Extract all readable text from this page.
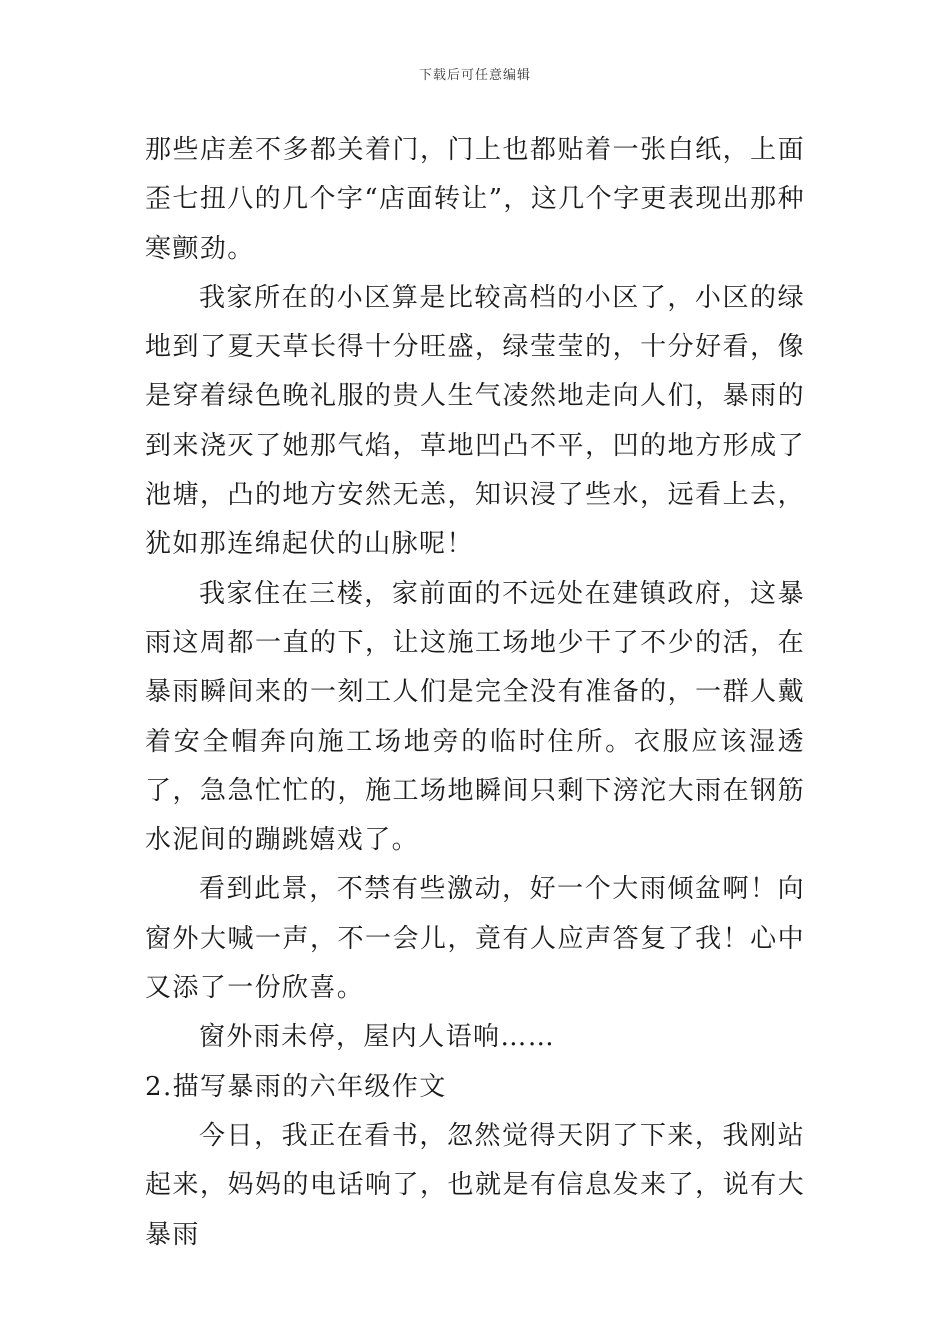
下载后可任意编辑

那些店差不多都关着门，门上也都贴着一张白纸，上面歪七扭八的几个字“店面转让”，这几个字更表现出那种寒颤劲。

我家所在的小区算是比较高档的小区了，小区的绿地到了夏天草长得十分旺盛，绿莹莹的，十分好看，像是穿着绿色晚礼服的贵人生气凌然地走向人们，暴雨的到来浇灭了她那气焰，草地凹凸不平，凹的地方形成了池塘，凸的地方安然无恙，知识浸了些水，远看上去，犹如那连绵起伏的山脉呢！

我家住在三楼，家前面的不远处在建镇政府，这暴雨这周都一直的下，让这施工场地少干了不少的活，在暴雨瞬间来的一刻工人们是完全没有准备的，一群人戴着安全帽奔向施工场地旁的临时住所。衣服应该湿透了，急急忙忙的，施工场地瞬间只剩下滂沱大雨在钢筋水泥间的蹦跳嬉戏了。

看到此景，不禁有些激动，好一个大雨倾盆啊！向窗外大喊一声，不一会儿，竟有人应声答复了我！心中又添了一份欣喜。

窗外雨未停，屋内人语响……

2.描写暴雨的六年级作文

今日，我正在看书，忽然觉得天阴了下来，我刚站起来，妈妈的电话响了，也就是有信息发来了，说有大暴雨
